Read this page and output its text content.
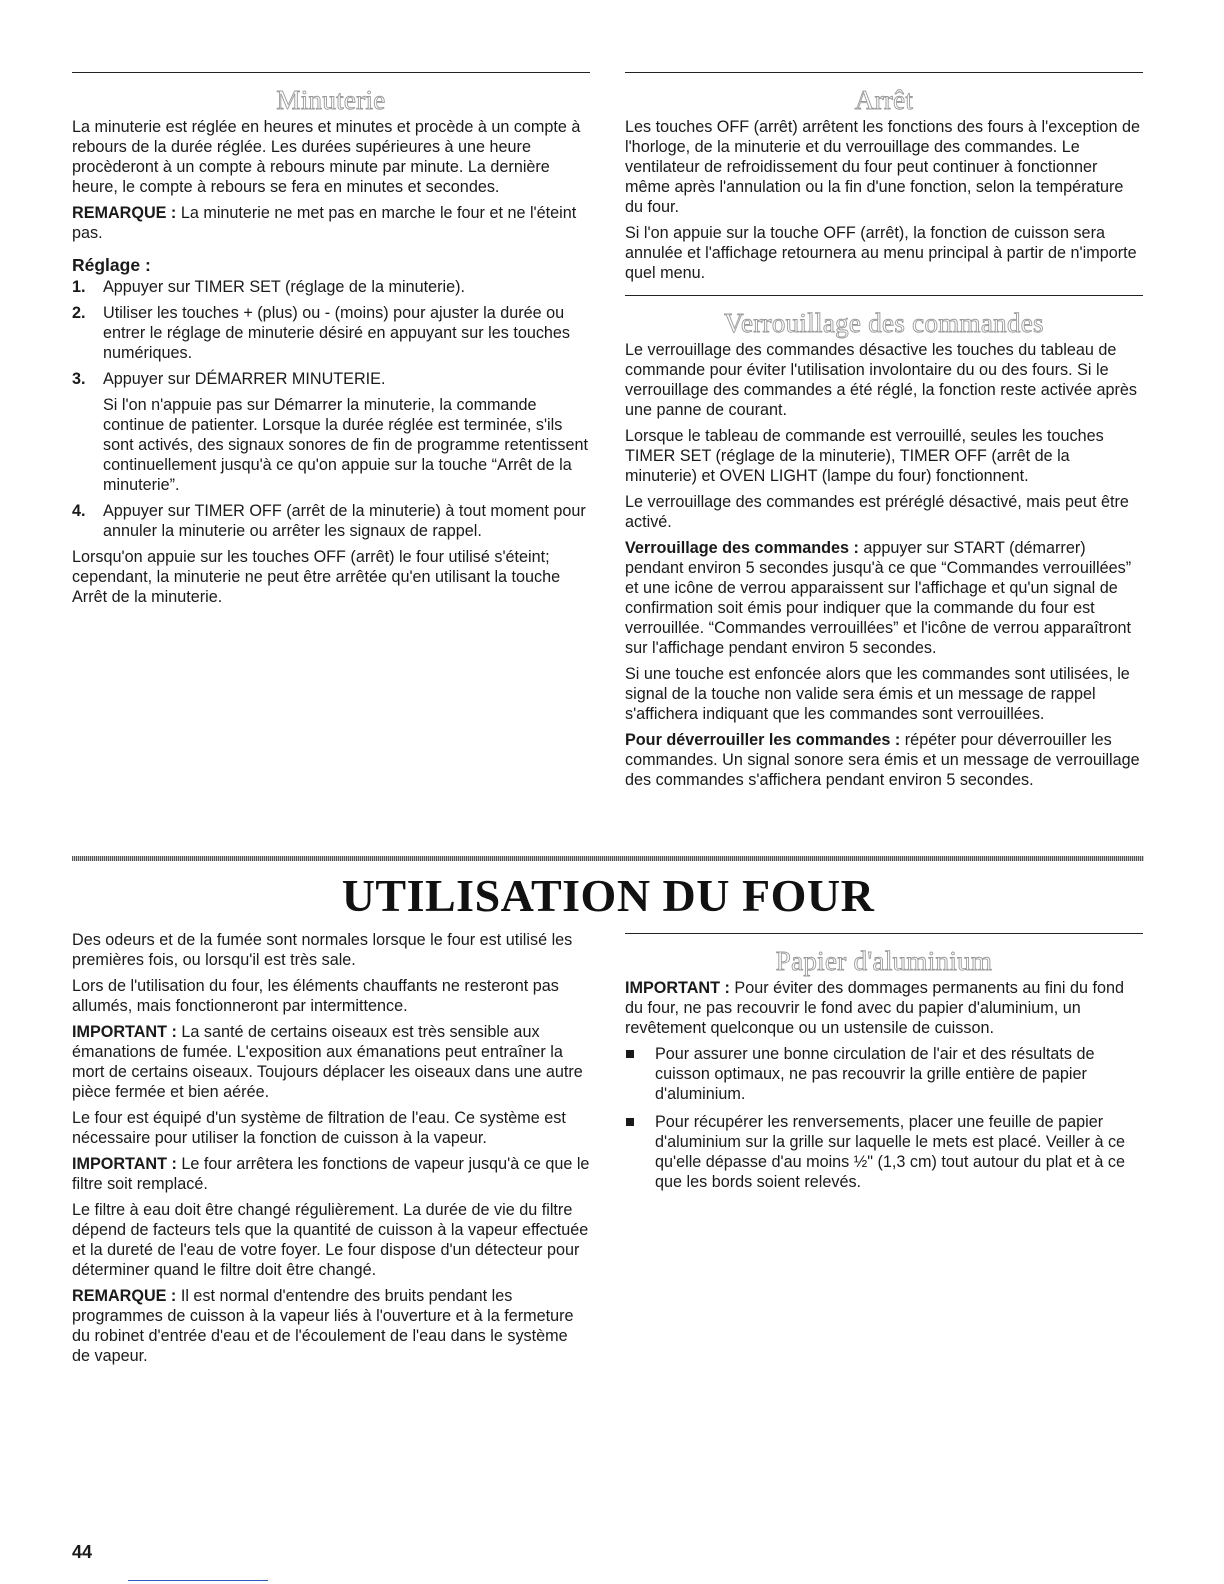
Minuterie

La minuterie est réglée en heures et minutes et procède à un compte à rebours de la durée réglée. Les durées supérieures à une heure procèderont à un compte à rebours minute par minute. La dernière heure, le compte à rebours se fera en minutes et secondes.

REMARQUE : La minuterie ne met pas en marche le four et ne l'éteint pas.

Réglage :
1. Appuyer sur TIMER SET (réglage de la minuterie).
2. Utiliser les touches + (plus) ou - (moins) pour ajuster la durée ou entrer le réglage de minuterie désiré en appuyant sur les touches numériques.
3. Appuyer sur DÉMARRER MINUTERIE.

Si l'on n'appuie pas sur Démarrer la minuterie, la commande continue de patienter. Lorsque la durée réglée est terminée, s'ils sont activés, des signaux sonores de fin de programme retentissent continuellement jusqu'à ce qu'on appuie sur la touche “Arrêt de la minuterie”.

4. Appuyer sur TIMER OFF (arrêt de la minuterie) à tout moment pour annuler la minuterie ou arrêter les signaux de rappel.

Lorsqu'on appuie sur les touches OFF (arrêt) le four utilisé s'éteint; cependant, la minuterie ne peut être arrêtée qu'en utilisant la touche Arrêt de la minuterie.

Arrêt

Les touches OFF (arrêt) arrêtent les fonctions des fours à l'exception de l'horloge, de la minuterie et du verrouillage des commandes. Le ventilateur de refroidissement du four peut continuer à fonctionner même après l'annulation ou la fin d'une fonction, selon la température du four.

Si l'on appuie sur la touche OFF (arrêt), la fonction de cuisson sera annulée et l'affichage retournera au menu principal à partir de n'importe quel menu.

Verrouillage des commandes

Le verrouillage des commandes désactive les touches du tableau de commande pour éviter l'utilisation involontaire du ou des fours. Si le verrouillage des commandes a été réglé, la fonction reste activée après une panne de courant.

Lorsque le tableau de commande est verrouillé, seules les touches TIMER SET (réglage de la minuterie), TIMER OFF (arrêt de la minuterie) et OVEN LIGHT (lampe du four) fonctionnent.

Le verrouillage des commandes est préréglé désactivé, mais peut être activé.

Verrouillage des commandes : appuyer sur START (démarrer) pendant environ 5 secondes jusqu'à ce que “Commandes verrouillées” et une icône de verrou apparaissent sur l'affichage et qu'un signal de confirmation soit émis pour indiquer que la commande du four est verrouillée. “Commandes verrouillées” et l'icône de verrou apparaîtront sur l'affichage pendant environ 5 secondes.

Si une touche est enfoncée alors que les commandes sont utilisées, le signal de la touche non valide sera émis et un message de rappel s'affichera indiquant que les commandes sont verrouillées.

Pour déverrouiller les commandes : répéter pour déverrouiller les commandes. Un signal sonore sera émis et un message de verrouillage des commandes s'affichera pendant environ 5 secondes.

UTILISATION DU FOUR

Des odeurs et de la fumée sont normales lorsque le four est utilisé les premières fois, ou lorsqu'il est très sale.

Lors de l'utilisation du four, les éléments chauffants ne resteront pas allumés, mais fonctionneront par intermittence.

IMPORTANT : La santé de certains oiseaux est très sensible aux émanations de fumée. L'exposition aux émanations peut entraîner la mort de certains oiseaux. Toujours déplacer les oiseaux dans une autre pièce fermée et bien aérée.

Le four est équipé d'un système de filtration de l'eau. Ce système est nécessaire pour utiliser la fonction de cuisson à la vapeur.

IMPORTANT : Le four arrêtera les fonctions de vapeur jusqu'à ce que le filtre soit remplacé.

Le filtre à eau doit être changé régulièrement. La durée de vie du filtre dépend de facteurs tels que la quantité de cuisson à la vapeur effectuée et la dureté de l'eau de votre foyer. Le four dispose d'un détecteur pour déterminer quand le filtre doit être changé.

REMARQUE : Il est normal d'entendre des bruits pendant les programmes de cuisson à la vapeur liés à l'ouverture et à la fermeture du robinet d'entrée d'eau et de l'écoulement de l'eau dans le système de vapeur.

Papier d'aluminium

IMPORTANT : Pour éviter des dommages permanents au fini du fond du four, ne pas recouvrir le fond avec du papier d'aluminium, un revêtement quelconque ou un ustensile de cuisson.

Pour assurer une bonne circulation de l'air et des résultats de cuisson optimaux, ne pas recouvrir la grille entière de papier d'aluminium.
Pour récupérer les renversements, placer une feuille de papier d'aluminium sur la grille sur laquelle le mets est placé. Veiller à ce qu'elle dépasse d'au moins ½" (1,3 cm) tout autour du plat et à ce que les bords soient relevés.
44
